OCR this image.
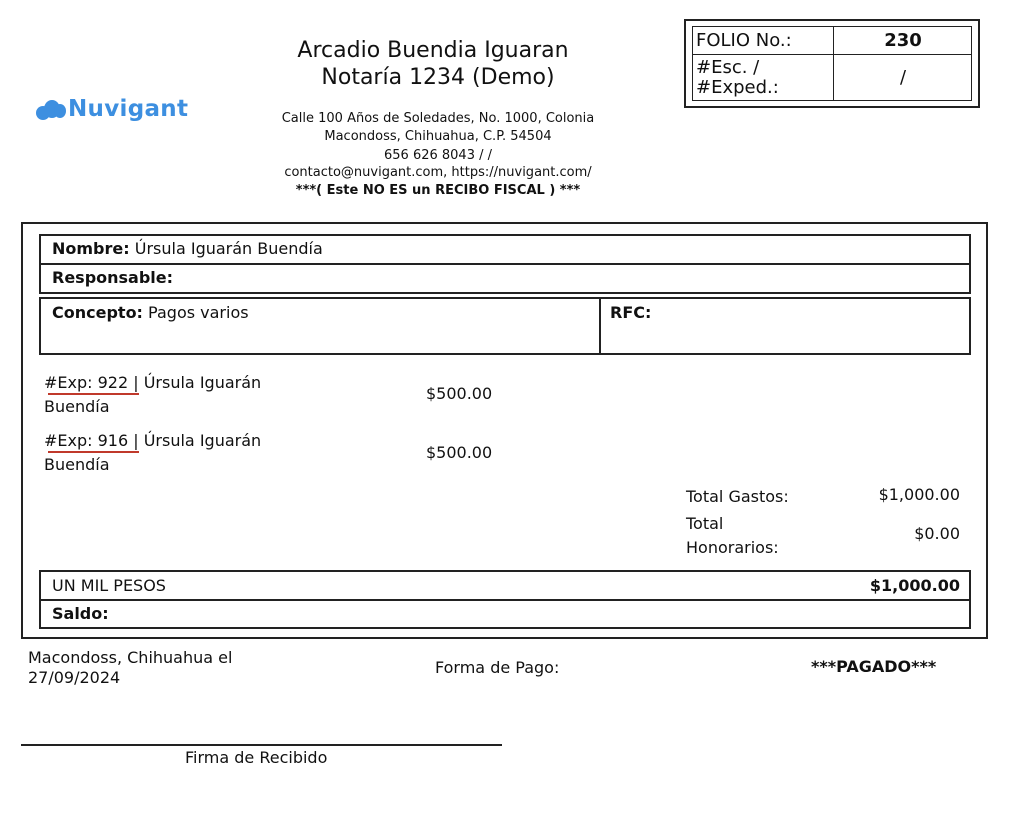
Nuvigant
Arcadio Buendia Iguaran
Notaría 1234 (Demo)
Calle 100 Años de Soledades, No. 1000, Colonia
Macondoss, Chihuahua, C.P. 54504
656 626 8043 / /
contacto@nuvigant.com, https://nuvigant.com/
***( Este NO ES un RECIBO FISCAL ) ***
FOLIO No.:	230
#Esc. /
#Exped.:	/
Nombre: Úrsula Iguarán Buendía
Responsable:
Concepto: Pagos varios	RFC:
#Exp: 922 | Úrsula Iguarán
Buendía
$500.00
#Exp: 916 | Úrsula Iguarán
Buendía
$500.00
Total Gastos:	$1,000.00
Total
Honorarios:
$0.00
UN MIL PESOS	$1,000.00
Saldo:
Macondoss, Chihuahua el
27/09/2024
Forma de Pago:	***PAGADO***
Firma de Recibido
